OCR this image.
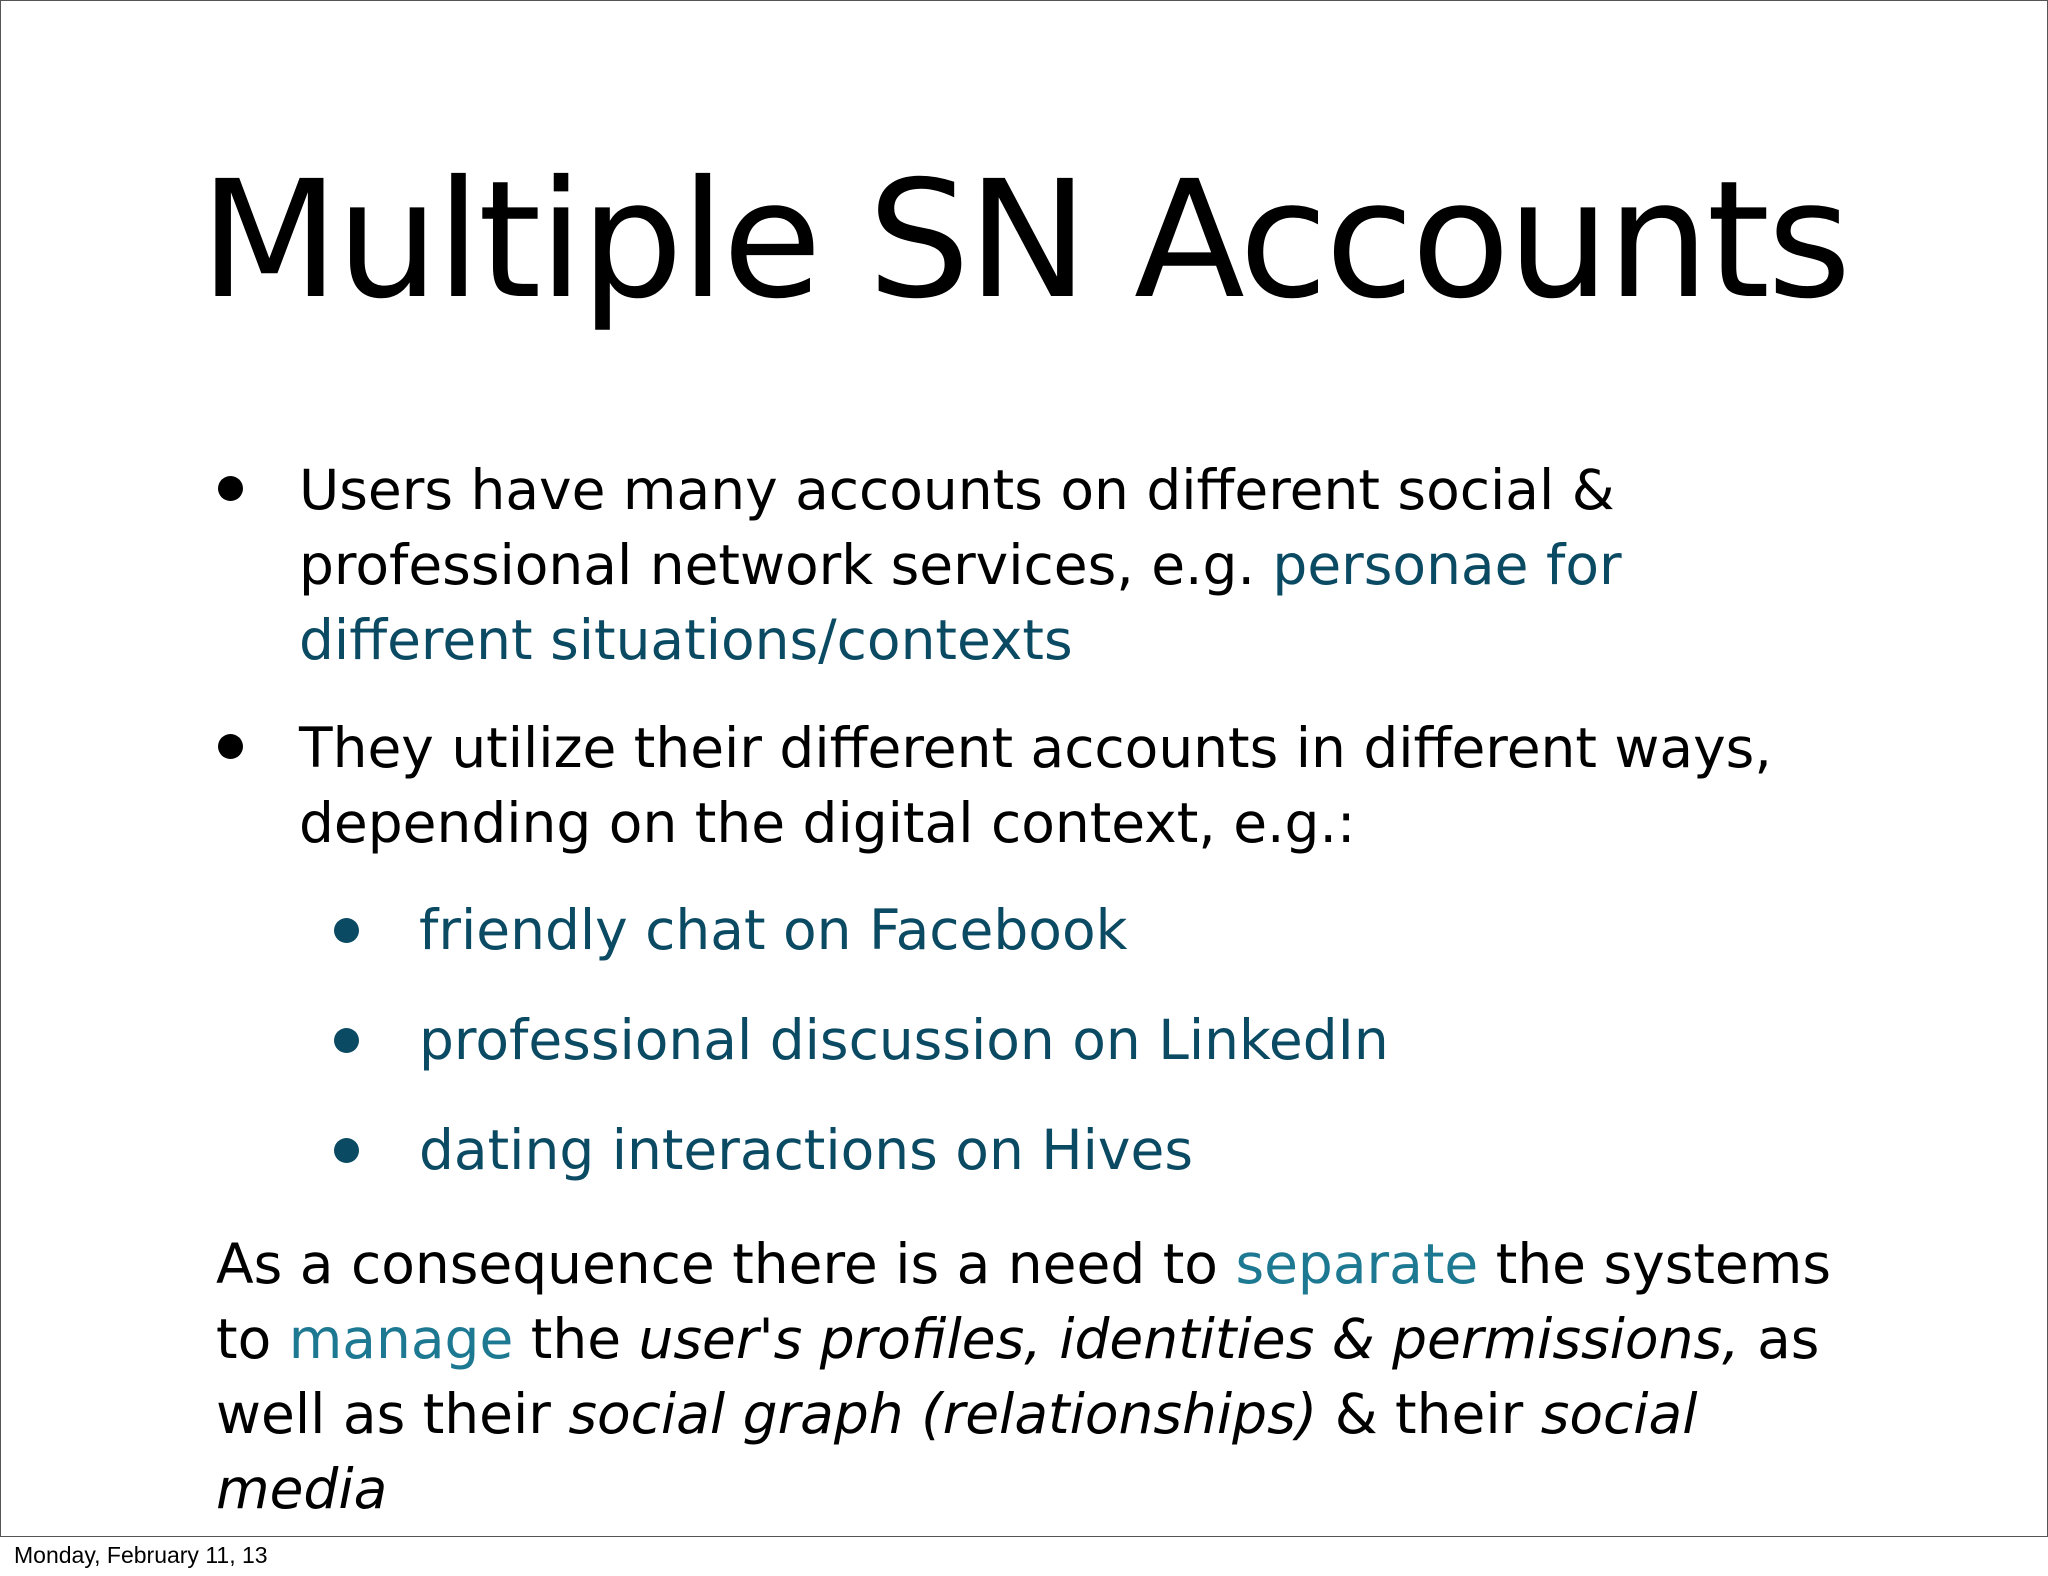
Multiple SN Accounts
Users have many accounts on different social & professional network services, e.g. personae for different situations/contexts
They utilize their different accounts in different ways, depending on the digital context, e.g.:
friendly chat on Facebook
professional discussion on LinkedIn
dating interactions on Hives
As a consequence there is a need to separate the systems to manage the user's profiles, identities & permissions, as well as their social graph (relationships) & their social media
Monday, February 11, 13
